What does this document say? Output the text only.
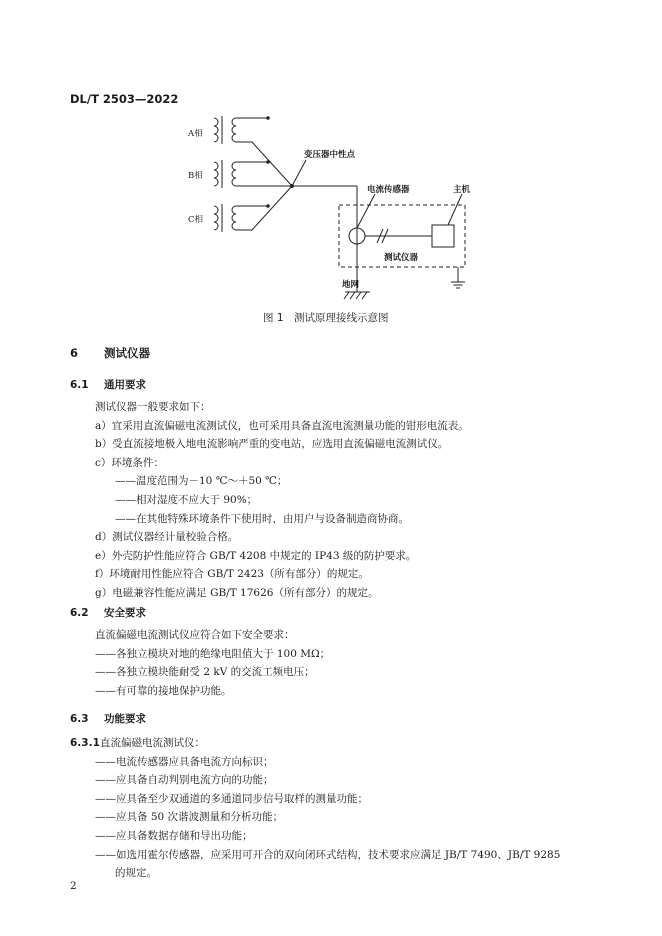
DL/T 2503—2022
A相
B相
C相
变压器中性点
电流传感器	主机
测试仪器
地网
图 1　测试原理接线示意图
6 测试仪器
6.1 通用要求
测试仪器一般要求如下：
a）宜采用直流偏磁电流测试仪，也可采用具备直流电流测量功能的钳形电流表。
b）受直流接地极入地电流影响严重的变电站，应选用直流偏磁电流测试仪。
c）环境条件：
——温度范围为－10 ℃～＋50 ℃；
——相对湿度不应大于 90%；
——在其他特殊环境条件下使用时，由用户与设备制造商协商。
d）测试仪器经计量校验合格。
e）外壳防护性能应符合 GB/T 4208 中规定的 IP43 级的防护要求。
f）环境耐用性能应符合 GB/T 2423（所有部分）的规定。
g）电磁兼容性能应满足 GB/T 17626（所有部分）的规定。
6.2 安全要求
直流偏磁电流测试仪应符合如下安全要求：
——各独立模块对地的绝缘电阻值大于 100 MΩ；
——各独立模块能耐受 2 kV 的交流工频电压；
——有可靠的接地保护功能。
6.3 功能要求
6.3.1直流偏磁电流测试仪：
——电流传感器应具备电流方向标识；
——应具备自动判别电流方向的功能；
——应具备至少双通道的多通道同步信号取样的测量功能；
——应具备 50 次谐波测量和分析功能；
——应具备数据存储和导出功能；
——如选用霍尔传感器，应采用可开合的双向闭环式结构，技术要求应满足 JB/T 7490、JB/T 9285
的规定。
2
